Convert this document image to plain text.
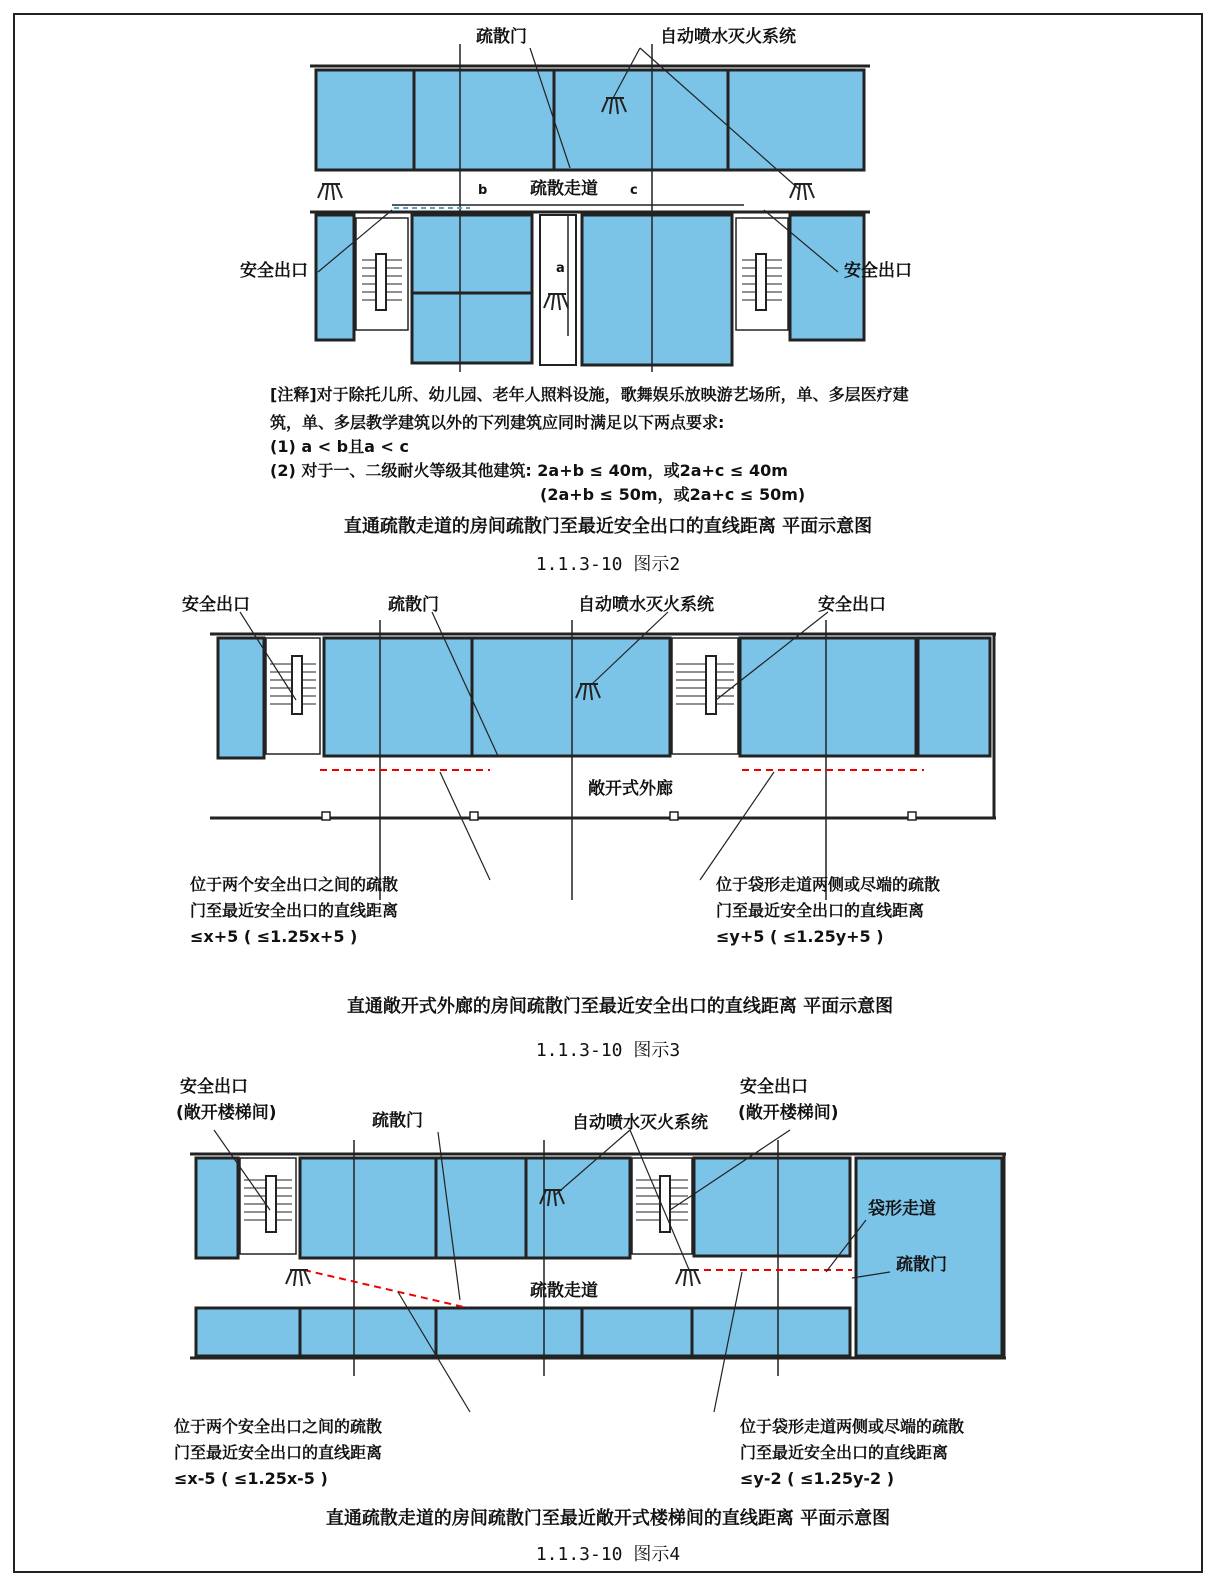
疏散门	自动喷水灭火系统
疏散走道
b	c
a
安全出口	安全出口
[注释]对于除托儿所、幼儿园、老年人照料设施，歌舞娱乐放映游艺场所，单、多层医疗建
筑，单、多层教学建筑以外的下列建筑应同时满足以下两点要求:
(1) a < b且a < c
(2) 对于一、二级耐火等级其他建筑: 2a+b ≤ 40m，或2a+c ≤ 40m
(2a+b ≤ 50m，或2a+c ≤ 50m)
直通疏散走道的房间疏散门至最近安全出口的直线距离 平面示意图
1.1.3-10 图示2
安全出口	疏散门	自动喷水灭火系统	安全出口
敞开式外廊
位于两个安全出口之间的疏散
门至最近安全出口的直线距离
≤x+5 ( ≤1.25x+5 )
位于袋形走道两侧或尽端的疏散
门至最近安全出口的直线距离
≤y+5 ( ≤1.25y+5 )
直通敞开式外廊的房间疏散门至最近安全出口的直线距离 平面示意图
1.1.3-10 图示3
安全出口
(敞开楼梯间)	疏散门	自动喷水灭火系统
安全出口
(敞开楼梯间)
袋形走道
疏散门
疏散走道
位于两个安全出口之间的疏散
门至最近安全出口的直线距离
≤x-5 ( ≤1.25x-5 )
位于袋形走道两侧或尽端的疏散
门至最近安全出口的直线距离
≤y-2 ( ≤1.25y-2 )
直通疏散走道的房间疏散门至最近敞开式楼梯间的直线距离 平面示意图
1.1.3-10 图示4
